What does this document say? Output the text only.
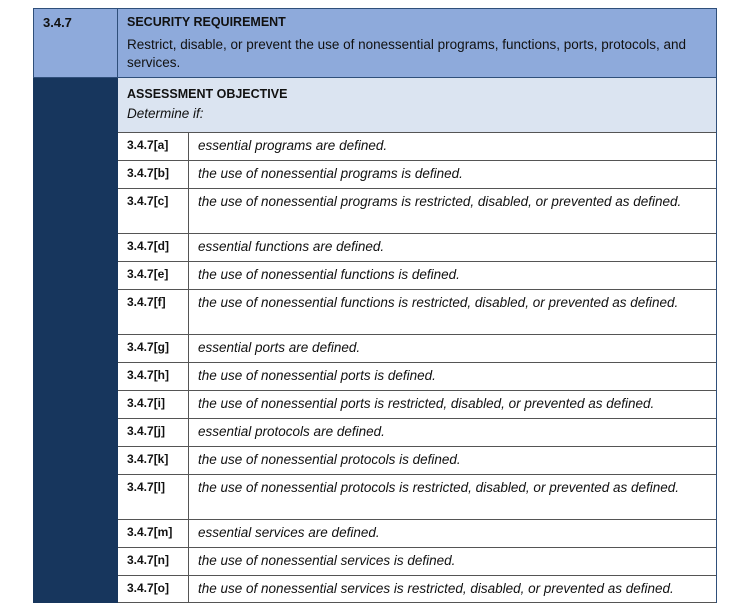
3.4.7	SECURITY REQUIREMENT
Restrict, disable, or prevent the use of nonessential programs, functions, ports, protocols, and services.
ASSESSMENT OBJECTIVE
Determine if:
3.4.7[a]	essential programs are defined.
3.4.7[b]	the use of nonessential programs is defined.
3.4.7[c]	the use of nonessential programs is restricted, disabled, or prevented as defined.
3.4.7[d]	essential functions are defined.
3.4.7[e]	the use of nonessential functions is defined.
3.4.7[f]	the use of nonessential functions is restricted, disabled, or prevented as defined.
3.4.7[g]	essential ports are defined.
3.4.7[h]	the use of nonessential ports is defined.
3.4.7[i]	the use of nonessential ports is restricted, disabled, or prevented as defined.
3.4.7[j]	essential protocols are defined.
3.4.7[k]	the use of nonessential protocols is defined.
3.4.7[l]	the use of nonessential protocols is restricted, disabled, or prevented as defined.
3.4.7[m]	essential services are defined.
3.4.7[n]	the use of nonessential services is defined.
3.4.7[o]	the use of nonessential services is restricted, disabled, or prevented as defined.
